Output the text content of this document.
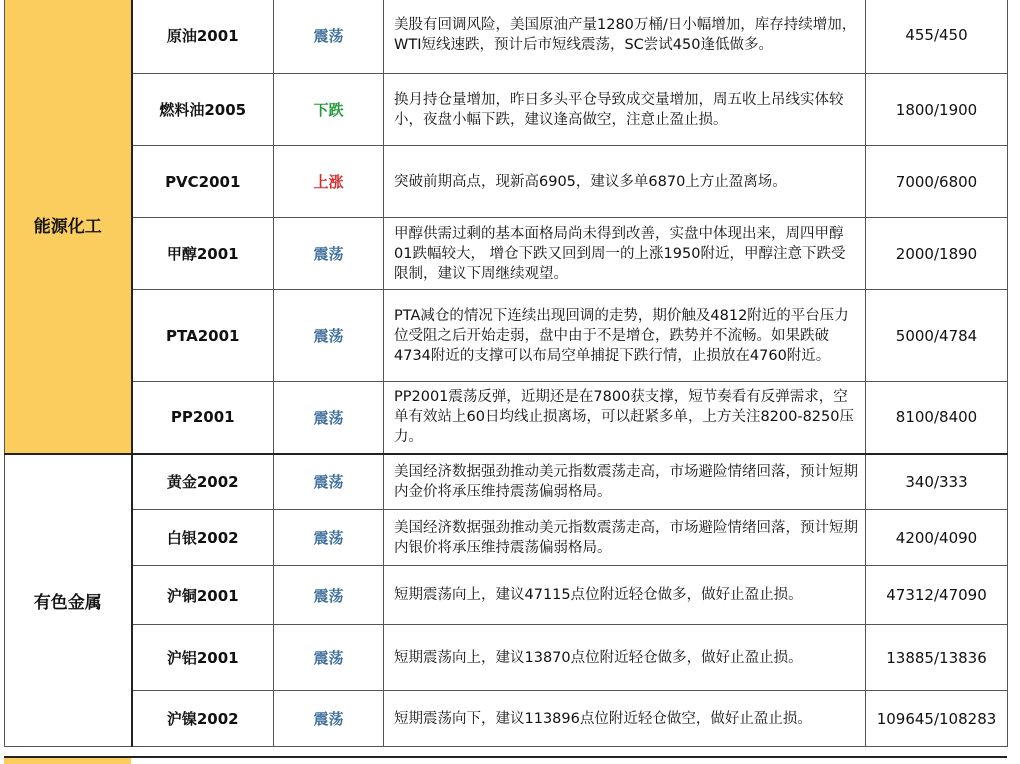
能源化工	原油2001	震荡	美股有回调风险，美国原油产量1280万桶/日小幅增加，库存持续增加，WTI短线速跌，预计后市短线震荡，SC尝试450逢低做多。	455/450
	燃料油2005	下跌	换月持仓量增加，昨日多头平仓导致成交量增加，周五收上吊线实体较小，夜盘小幅下跌，建议逢高做空，注意止盈止损。	1800/1900
	PVC2001	上涨	突破前期高点，现新高6905，建议多单6870上方止盈离场。	7000/6800
	甲醇2001	震荡	甲醇供需过剩的基本面格局尚未得到改善，实盘中体现出来，周四甲醇01跌幅较大， 增仓下跌又回到周一的上涨1950附近，甲醇注意下跌受限制，建议下周继续观望。	2000/1890
	PTA2001	震荡	PTA减仓的情况下连续出现回调的走势，期价触及4812附近的平台压力位受阻之后开始走弱，盘中由于不是增仓，跌势并不流畅。如果跌破4734附近的支撑可以布局空单捕捉下跌行情，止损放在4760附近。	5000/4784
	PP2001	震荡	PP2001震荡反弹，近期还是在7800获支撑，短节奏看有反弹需求，空单有效站上60日均线止损离场，可以赶紧多单，上方关注8200-8250压力。	8100/8400
有色金属	黄金2002	震荡	美国经济数据强劲推动美元指数震荡走高，市场避险情绪回落，预计短期内金价将承压维持震荡偏弱格局。	340/333
	白银2002	震荡	美国经济数据强劲推动美元指数震荡走高，市场避险情绪回落，预计短期内银价将承压维持震荡偏弱格局。	4200/4090
	沪铜2001	震荡	短期震荡向上，建议47115点位附近轻仓做多，做好止盈止损。	47312/47090
	沪铝2001	震荡	短期震荡向上，建议13870点位附近轻仓做多，做好止盈止损。	13885/13836
	沪镍2002	震荡	短期震荡向下，建议113896点位附近轻仓做空，做好止盈止损。	109645/108283
